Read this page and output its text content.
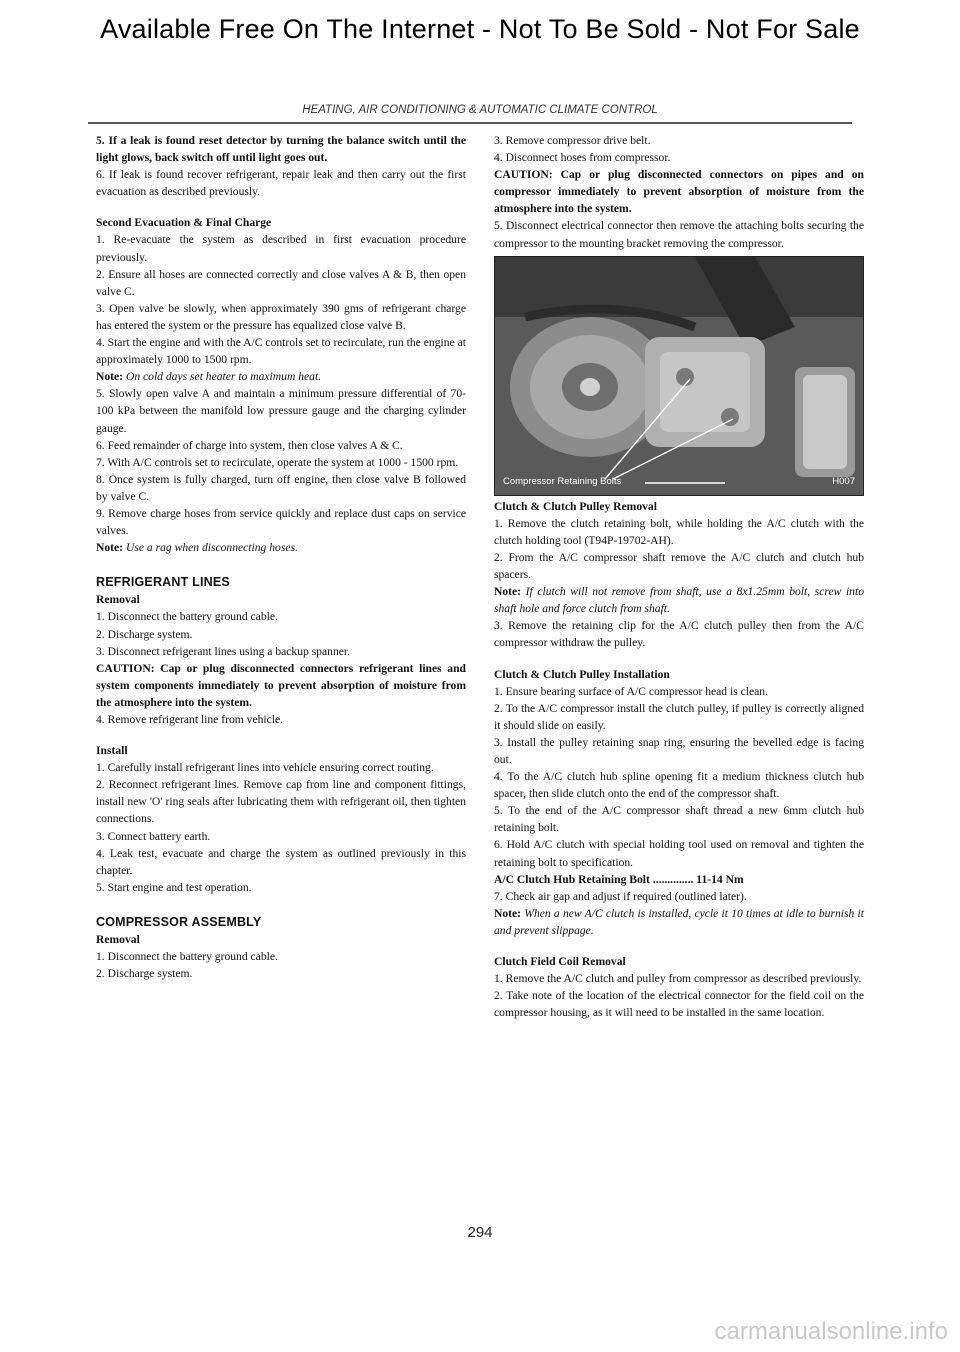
Available Free On The Internet - Not To Be Sold - Not For Sale
HEATING, AIR CONDITIONING & AUTOMATIC CLIMATE CONTROL

5. If a leak is found reset detector by turning the balance switch until the light glows, back switch off until light goes out.

6. If leak is found recover refrigerant, repair leak and then carry out the first evacuation as described previously.

Second Evacuation & Final Charge

1. Re-evacuate the system as described in first evacuation procedure previously.

2. Ensure all hoses are connected correctly and close valves A & B, then open valve C.

3. Open valve be slowly, when approximately 390 gms of refrigerant charge has entered the system or the pressure has equalized close valve B.

4. Start the engine and with the A/C controls set to recirculate, run the engine at approximately 1000 to 1500 rpm.

Note: On cold days set heater to maximum heat.

5. Slowly open valve A and maintain a minimum pressure differential of 70-100 kPa between the manifold low pressure gauge and the charging cylinder gauge.

6. Feed remainder of charge into system, then close valves A & C.

7. With A/C controls set to recirculate, operate the system at 1000 - 1500 rpm.

8. Once system is fully charged, turn off engine, then close valve B followed by valve C.

9. Remove charge hoses from service quickly and replace dust caps on service valves.

Note: Use a rag when disconnecting hoses.

REFRIGERANT LINES

Removal

1. Disconnect the battery ground cable.

2. Discharge system.

3. Disconnect refrigerant lines using a backup spanner.

CAUTION: Cap or plug disconnected connectors refrigerant lines and system components immediately to prevent absorption of moisture from the atmosphere into the system.

4. Remove refrigerant line from vehicle.

Install

1. Carefully install refrigerant lines into vehicle ensuring correct routing.

2. Reconnect refrigerant lines. Remove cap from line and component fittings, install new 'O' ring seals after lubricating them with refrigerant oil, then tighten connections.

3. Connect battery earth.

4. Leak test, evacuate and charge the system as outlined previously in this chapter.

5. Start engine and test operation.

COMPRESSOR ASSEMBLY

Removal

1. Disconnect the battery ground cable.

2. Discharge system.

3. Remove compressor drive belt.

4. Disconnect hoses from compressor.

CAUTION: Cap or plug disconnected connectors on pipes and on compressor immediately to prevent absorption of moisture from the atmosphere into the system.

5. Disconnect electrical connector then remove the attaching bolts securing the compressor to the mounting bracket removing the compressor.

Compressor Retaining Bolts	H007

Clutch & Clutch Pulley Removal

1. Remove the clutch retaining bolt, while holding the A/C clutch with the clutch holding tool (T94P-19702-AH).

2. From the A/C compressor shaft remove the A/C clutch and clutch hub spacers.

Note: If clutch will not remove from shaft, use a 8x1.25mm bolt, screw into shaft hole and force clutch from shaft.

3. Remove the retaining clip for the A/C clutch pulley then from the A/C compressor withdraw the pulley.

Clutch & Clutch Pulley Installation

1. Ensure bearing surface of A/C compressor head is clean.

2. To the A/C compressor install the clutch pulley, if pulley is correctly aligned it should slide on easily.

3. Install the pulley retaining snap ring, ensuring the bevelled edge is facing out.

4. To the A/C clutch hub spline opening fit a medium thickness clutch hub spacer, then slide clutch onto the end of the compressor shaft.

5. To the end of the A/C compressor shaft thread a new 6mm clutch hub retaining bolt.

6. Hold A/C clutch with special holding tool used on removal and tighten the retaining bolt to specification.

A/C Clutch Hub Retaining Bolt .............. 11-14 Nm

7. Check air gap and adjust if required (outlined later).

Note: When a new A/C clutch is installed, cycle it 10 times at idle to burnish it and prevent slippage.

Clutch Field Coil Removal

1. Remove the A/C clutch and pulley from compressor as described previously.

2. Take note of the location of the electrical connector for the field coil on the compressor housing, as it will need to be installed in the same location.

294
carmanualsonline.info
